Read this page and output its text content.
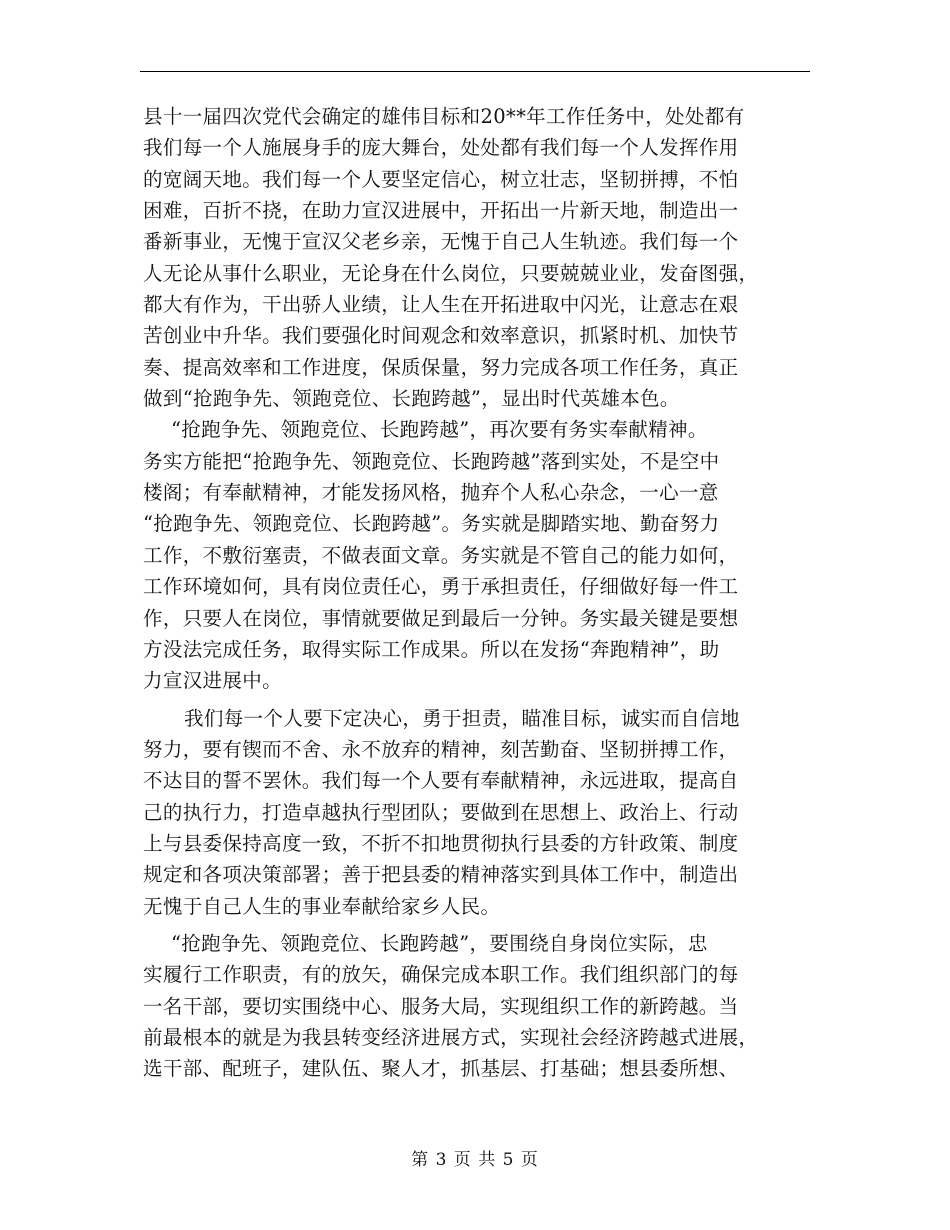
县十一届四次党代会确定的雄伟目标和20**年工作任务中，处处都有
我们每一个人施展身手的庞大舞台，处处都有我们每一个人发挥作用
的宽阔天地。我们每一个人要坚定信心，树立壮志，坚韧拼搏，不怕
困难，百折不挠，在助力宣汉进展中，开拓出一片新天地，制造出一
番新事业，无愧于宣汉父老乡亲，无愧于自己人生轨迹。我们每一个
人无论从事什么职业，无论身在什么岗位，只要兢兢业业，发奋图强，
都大有作为，干出骄人业绩，让人生在开拓进取中闪光，让意志在艰
苦创业中升华。我们要强化时间观念和效率意识，抓紧时机、加快节
奏、提高效率和工作进度，保质保量，努力完成各项工作任务，真正
做到“抢跑争先、领跑竞位、长跑跨越”，显出时代英雄本色。
“抢跑争先、领跑竞位、长跑跨越”，再次要有务实奉献精神。
务实方能把“抢跑争先、领跑竞位、长跑跨越”落到实处，不是空中
楼阁；有奉献精神，才能发扬风格，抛弃个人私心杂念，一心一意
“抢跑争先、领跑竞位、长跑跨越”。务实就是脚踏实地、勤奋努力
工作，不敷衍塞责，不做表面文章。务实就是不管自己的能力如何，
工作环境如何，具有岗位责任心，勇于承担责任，仔细做好每一件工
作，只要人在岗位，事情就要做足到最后一分钟。务实最关键是要想
方没法完成任务，取得实际工作成果。所以在发扬“奔跑精神”，助
力宣汉进展中。
我们每一个人要下定决心，勇于担责，瞄准目标，诚实而自信地
努力，要有锲而不舍、永不放弃的精神，刻苦勤奋、坚韧拼搏工作，
不达目的誓不罢休。我们每一个人要有奉献精神，永远进取，提高自
己的执行力，打造卓越执行型团队；要做到在思想上、政治上、行动
上与县委保持高度一致，不折不扣地贯彻执行县委的方针政策、制度
规定和各项决策部署；善于把县委的精神落实到具体工作中，制造出
无愧于自己人生的事业奉献给家乡人民。
“抢跑争先、领跑竞位、长跑跨越”，要围绕自身岗位实际，忠
实履行工作职责，有的放矢，确保完成本职工作。我们组织部门的每
一名干部，要切实围绕中心、服务大局，实现组织工作的新跨越。当
前最根本的就是为我县转变经济进展方式，实现社会经济跨越式进展，
选干部、配班子，建队伍、聚人才，抓基层、打基础；想县委所想、
第 3 页 共 5 页
